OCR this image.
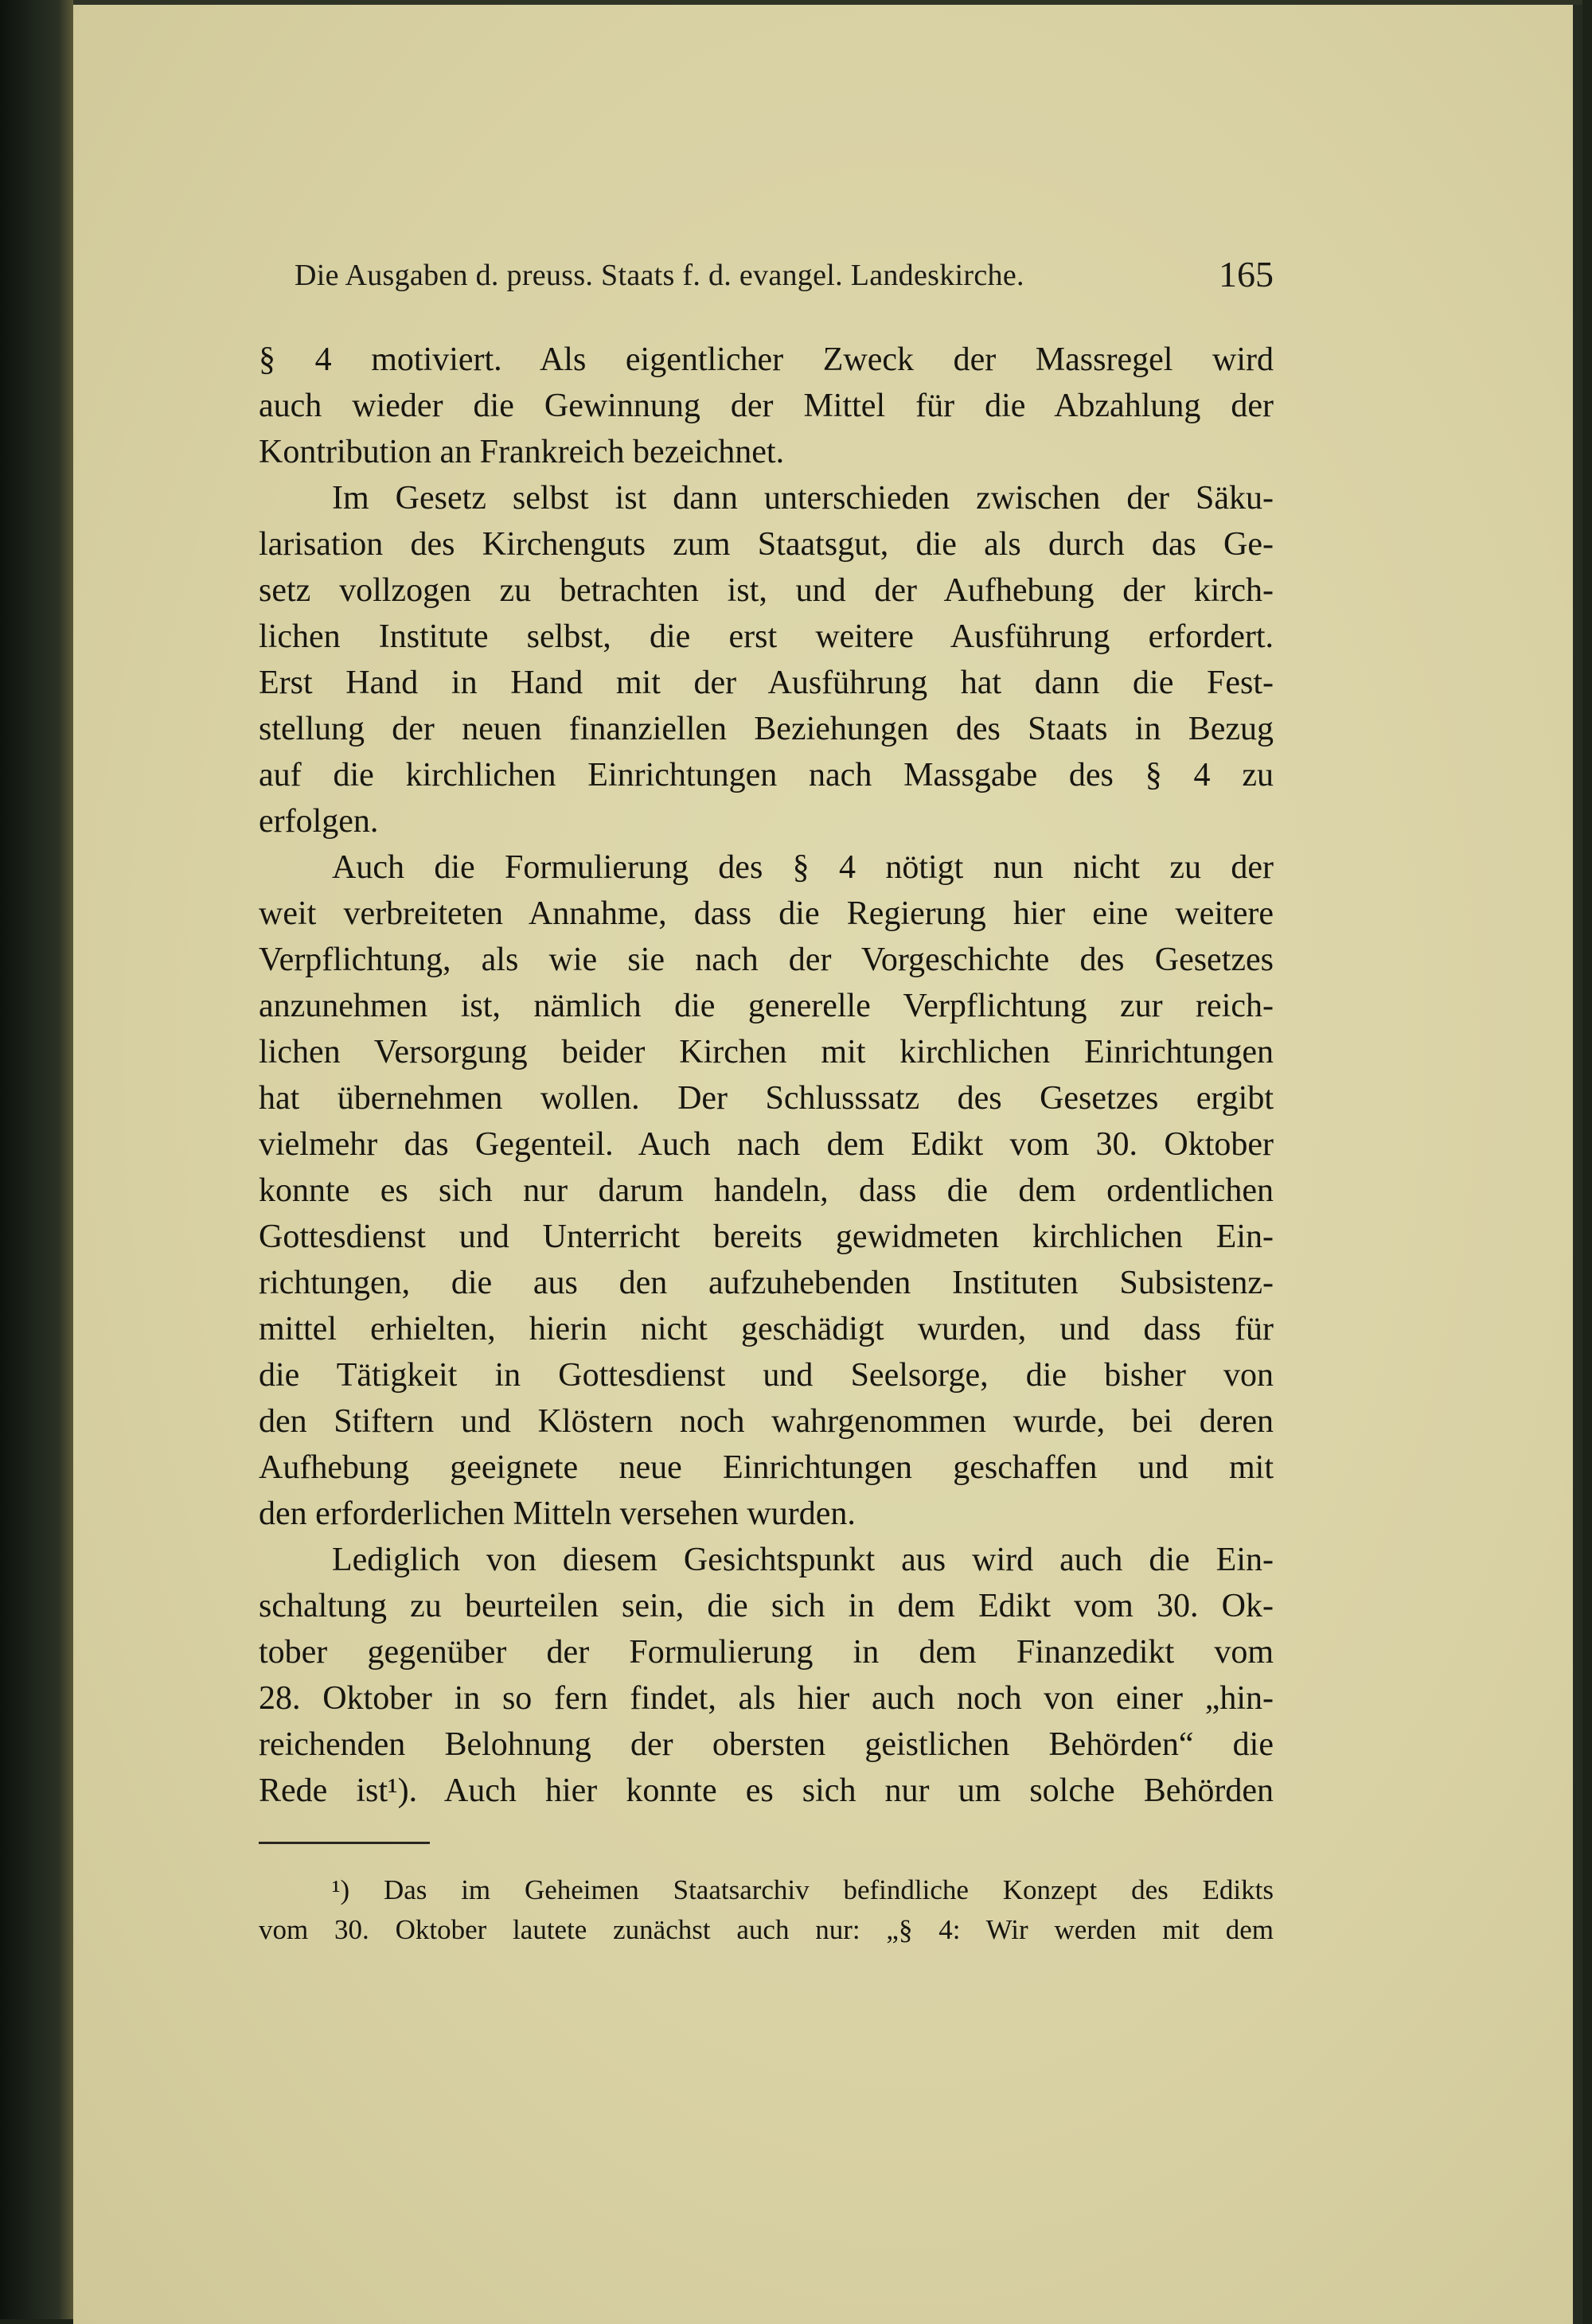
Die Ausgaben d. preuss. Staats f. d. evangel. Landeskirche.	165
§ 4 motiviert. Als eigentlicher Zweck der Massregel wird
auch wieder die Gewinnung der Mittel für die Abzahlung der
Kontribution an Frankreich bezeichnet.
Im Gesetz selbst ist dann unterschieden zwischen der Säku-
larisation des Kirchenguts zum Staatsgut, die als durch das Ge-
setz vollzogen zu betrachten ist, und der Aufhebung der kirch-
lichen Institute selbst, die erst weitere Ausführung erfordert.
Erst Hand in Hand mit der Ausführung hat dann die Fest-
stellung der neuen finanziellen Beziehungen des Staats in Bezug
auf die kirchlichen Einrichtungen nach Massgabe des § 4 zu
erfolgen.
Auch die Formulierung des § 4 nötigt nun nicht zu der
weit verbreiteten Annahme, dass die Regierung hier eine weitere
Verpflichtung, als wie sie nach der Vorgeschichte des Gesetzes
anzunehmen ist, nämlich die generelle Verpflichtung zur reich-
lichen Versorgung beider Kirchen mit kirchlichen Einrichtungen
hat übernehmen wollen. Der Schlusssatz des Gesetzes ergibt
vielmehr das Gegenteil. Auch nach dem Edikt vom 30. Oktober
konnte es sich nur darum handeln, dass die dem ordentlichen
Gottesdienst und Unterricht bereits gewidmeten kirchlichen Ein-
richtungen, die aus den aufzuhebenden Instituten Subsistenz-
mittel erhielten, hierin nicht geschädigt wurden, und dass für
die Tätigkeit in Gottesdienst und Seelsorge, die bisher von
den Stiftern und Klöstern noch wahrgenommen wurde, bei deren
Aufhebung geeignete neue Einrichtungen geschaffen und mit
den erforderlichen Mitteln versehen wurden.
Lediglich von diesem Gesichtspunkt aus wird auch die Ein-
schaltung zu beurteilen sein, die sich in dem Edikt vom 30. Ok-
tober gegenüber der Formulierung in dem Finanzedikt vom
28. Oktober in so fern findet, als hier auch noch von einer „hin-
reichenden Belohnung der obersten geistlichen Behörden“ die
Rede ist¹). Auch hier konnte es sich nur um solche Behörden
¹) Das im Geheimen Staatsarchiv befindliche Konzept des Edikts
vom 30. Oktober lautete zunächst auch nur: „§ 4: Wir werden mit dem
